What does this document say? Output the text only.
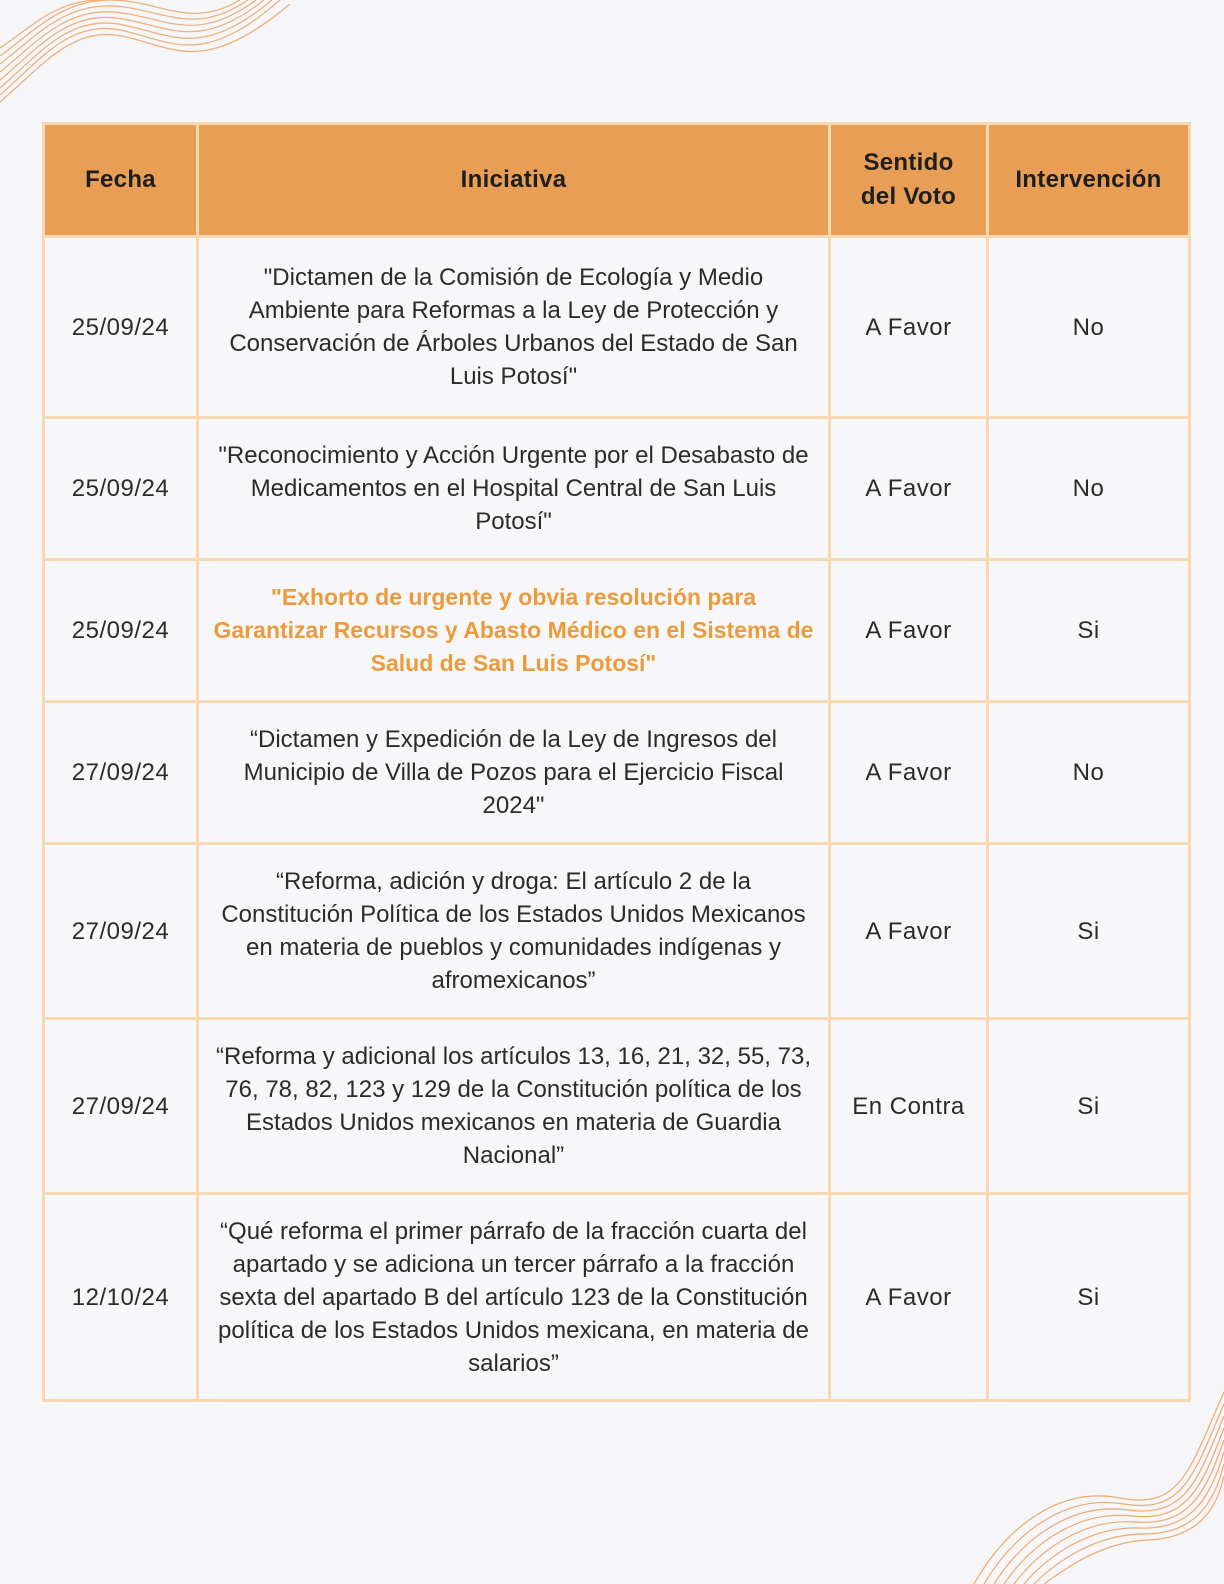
Fecha	Iniciativa	Sentido del Voto	Intervención
25/09/24	"Dictamen de la Comisión de Ecología y Medio Ambiente para Reformas a la Ley de Protección y Conservación de Árboles Urbanos del Estado de San Luis Potosí"	A Favor	No
25/09/24	"Reconocimiento y Acción Urgente por el Desabasto de Medicamentos en el Hospital Central de San Luis Potosí"	A Favor	No
25/09/24	"Exhorto de urgente y obvia resolución para Garantizar Recursos y Abasto Médico en el Sistema de Salud de San Luis Potosí"	A Favor	Si
27/09/24	“Dictamen y Expedición de la Ley de Ingresos del Municipio de Villa de Pozos para el Ejercicio Fiscal 2024"	A Favor	No
27/09/24	“Reforma, adición y droga: El artículo 2 de la Constitución Política de los Estados Unidos Mexicanos en materia de pueblos y comunidades indígenas y afromexicanos”	A Favor	Si
27/09/24	“Reforma y adicional los artículos 13, 16, 21, 32, 55, 73, 76, 78, 82, 123 y 129 de la Constitución política de los Estados Unidos mexicanos en materia de Guardia Nacional”	En Contra	Si
12/10/24	“Qué reforma el primer párrafo de la fracción cuarta del apartado y se adiciona un tercer párrafo a la fracción sexta del apartado B del artículo 123 de la Constitución política de los Estados Unidos mexicana, en materia de salarios”	A Favor	Si
